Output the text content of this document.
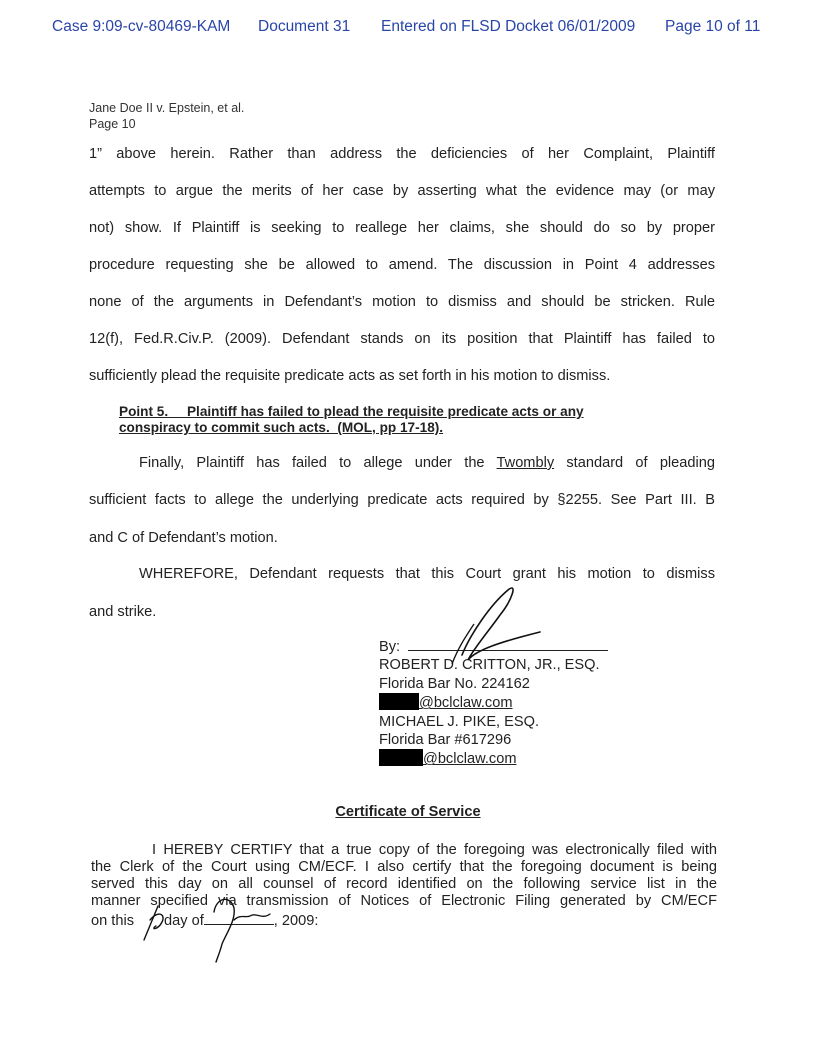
Case 9:09-cv-80469-KAM Document 31 Entered on FLSD Docket 06/01/2009 Page 10 of 11
Jane Doe II v. Epstein, et al.
Page 10
1” above herein. Rather than address the deficiencies of her Complaint, Plaintiff
attempts to argue the merits of her case by asserting what the evidence may (or may
not) show. If Plaintiff is seeking to reallege her claims, she should do so by proper
procedure requesting she be allowed to amend. The discussion in Point 4 addresses
none of the arguments in Defendant’s motion to dismiss and should be stricken. Rule
12(f), Fed.R.Civ.P. (2009). Defendant stands on its position that Plaintiff has failed to
sufficiently plead the requisite predicate acts as set forth in his motion to dismiss.
Point 5.     Plaintiff has failed to plead the requisite predicate acts or any
conspiracy to commit such acts.  (MOL, pp 17-18).
Finally, Plaintiff has failed to allege under the Twombly standard of pleading
sufficient facts to allege the underlying predicate acts required by §2255. See Part III. B
and C of Defendant’s motion.
WHEREFORE, Defendant requests that this Court grant his motion to dismiss
and strike.
By:
ROBERT D. CRITTON, JR., ESQ.
Florida Bar No. 224162
@bclclaw.com
MICHAEL J. PIKE, ESQ.
Florida Bar #617296
@bclclaw.com
Certificate of Service
I HEREBY CERTIFY that a true copy of the foregoing was electronically filed with
the Clerk of the Court using CM/ECF. I also certify that the foregoing document is being
served this day on all counsel of record identified on the following service list in the
manner specified via transmission of Notices of Electronic Filing generated by CM/ECF
on this day of	, 2009:
